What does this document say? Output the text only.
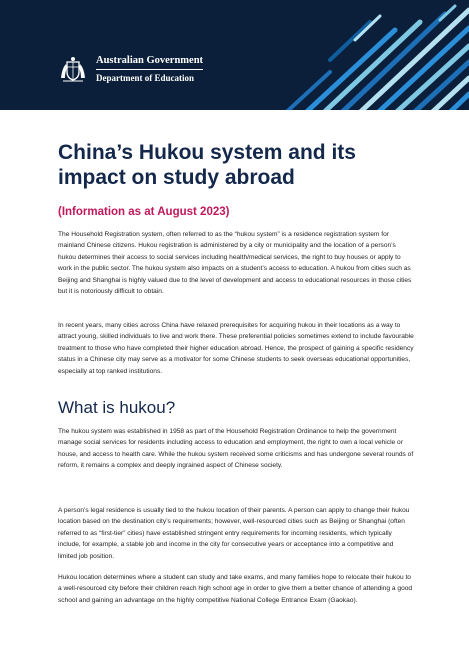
Australian Government
Department of Education
China’s Hukou system and its impact on study abroad
(Information as at August 2023)

The Household Registration system, often referred to as the “hukou system” is a residence registration system for mainland Chinese citizens. Hukou registration is administered by a city or municipality and the location of a person’s hukou determines their access to social services including health/medical services, the right to buy houses or apply to work in the public sector. The hukou system also impacts on a student’s access to education. A hukou from cities such as Beijing and Shanghai is highly valued due to the level of development and access to educational resources in those cities but it is notoriously difficult to obtain.

In recent years, many cities across China have relaxed prerequisites for acquiring hukou in their locations as a way to attract young, skilled individuals to live and work there. These preferential policies sometimes extend to include favourable treatment to those who have completed their higher education abroad. Hence, the prospect of gaining a specific residency status in a Chinese city may serve as a motivator for some Chinese students to seek overseas educational opportunities, especially at top ranked institutions.

What is hukou?

The hukou system was established in 1958 as part of the Household Registration Ordinance to help the government manage social services for residents including access to education and employment, the right to own a local vehicle or house, and access to health care. While the hukou system received some criticisms and has undergone several rounds of reform, it remains a complex and deeply ingrained aspect of Chinese society.

A person’s legal residence is usually tied to the hukou location of their parents. A person can apply to change their hukou location based on the destination city’s requirements; however, well-resourced cities such as Beijing or Shanghai (often referred to as “first-tier” cities) have established stringent entry requirements for incoming residents, which typically include, for example, a stable job and income in the city for consecutive years or acceptance into a competitive and limited job position.

Hukou location determines where a student can study and take exams, and many families hope to relocate their hukou to a well-resourced city before their children reach high school age in order to give them a better chance of attending a good school and gaining an advantage on the highly competitive National College Entrance Exam (Gaokao).
